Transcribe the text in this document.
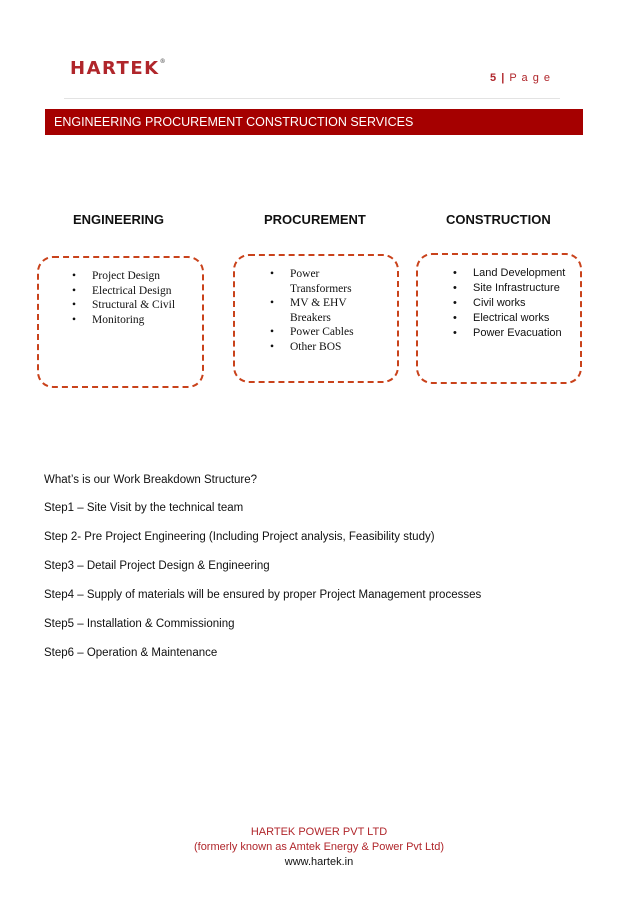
HARTEK®
5 | P a g e
ENGINEERING PROCUREMENT CONSTRUCTION SERVICES
ENGINEERING	PROCUREMENT	CONSTRUCTION
• Project Design
• Electrical Design
• Structural & Civil
• Monitoring
• Power Transformers
• MV & EHV Breakers
• Power Cables
• Other BOS
• Land Development
• Site Infrastructure
• Civil works
• Electrical works
• Power Evacuation
What’s is our Work Breakdown Structure?
Step1 – Site Visit by the technical team
Step 2- Pre Project Engineering (Including Project analysis, Feasibility study)
Step3 – Detail Project Design & Engineering
Step4 – Supply of materials will be ensured by proper Project Management processes
Step5 – Installation & Commissioning
Step6 – Operation & Maintenance
HARTEK POWER PVT LTD
(formerly known as Amtek Energy & Power Pvt Ltd)
www.hartek.in
